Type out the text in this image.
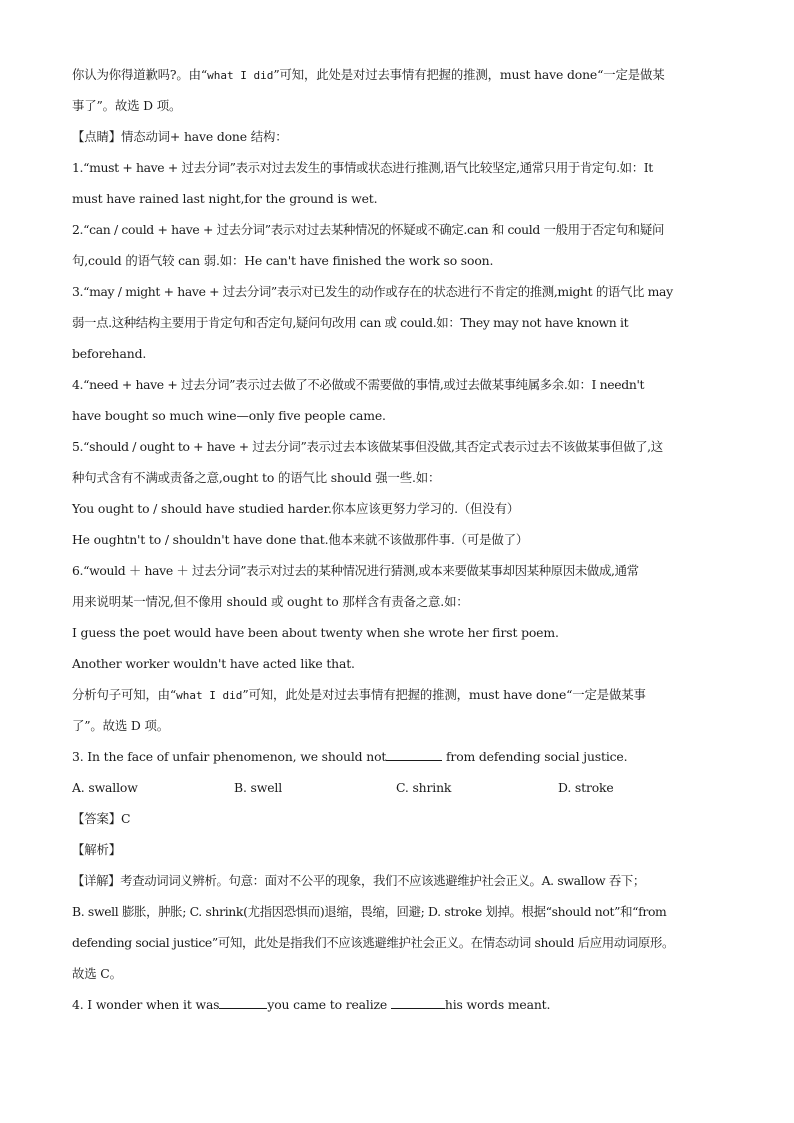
你认为你得道歉吗?。由“what I did”可知，此处是对过去事情有把握的推测，must have done“一定是做某
事了”。故选 D 项。
【点睛】情态动词+ have done 结构：
1.“must + have + 过去分词”表示对过去发生的事情或状态进行推测,语气比较坚定,通常只用于肯定句.如：It
must have rained last night,for the ground is wet.
2.“can / could + have + 过去分词”表示对过去某种情况的怀疑或不确定.can 和 could 一般用于否定句和疑问
句,could 的语气较 can 弱.如：He can't have finished the work so soon.
3.“may / might + have + 过去分词”表示对已发生的动作或存在的状态进行不肯定的推测,might 的语气比 may
弱一点.这种结构主要用于肯定句和否定句,疑问句改用 can 或 could.如：They may not have known it
beforehand.
4.“need + have + 过去分词”表示过去做了不必做或不需要做的事情,或过去做某事纯属多余.如：I needn't
have bought so much wine—only five people came.
5.“should / ought to + have + 过去分词”表示过去本该做某事但没做,其否定式表示过去不该做某事但做了,这
种句式含有不满或责备之意,ought to 的语气比 should 强一些.如：
You ought to / should have studied harder.你本应该更努力学习的.（但没有）
He oughtn't to / shouldn't have done that.他本来就不该做那件事.（可是做了）
6.“would ＋ have ＋ 过去分词”表示对过去的某种情况进行猜测,或本来要做某事却因某种原因未做成,通常
用来说明某一情况,但不像用 should 或 ought to 那样含有责备之意.如：
I guess the poet would have been about twenty when she wrote her first poem.
Another worker wouldn't have acted like that.
分析句子可知，由“what I did”可知，此处是对过去事情有把握的推测，must have done“一定是做某事
了”。故选 D 项。
3. In the face of unfair phenomenon, we should not	from defending social justice.
A. swallow	B. swell	C. shrink	D. stroke
【答案】C
【解析】
【详解】考查动词词义辨析。句意：面对不公平的现象，我们不应该逃避维护社会正义。A. swallow 吞下；
B. swell 膨胀，肿胀; C. shrink(尤指因恐惧而)退缩，畏缩，回避; D. stroke 划掉。根据“should not”和“from
defending social justice”可知，此处是指我们不应该逃避维护社会正义。在情态动词 should 后应用动词原形。
故选 C。
4. I wonder when it was	you came to realize	his words meant.
